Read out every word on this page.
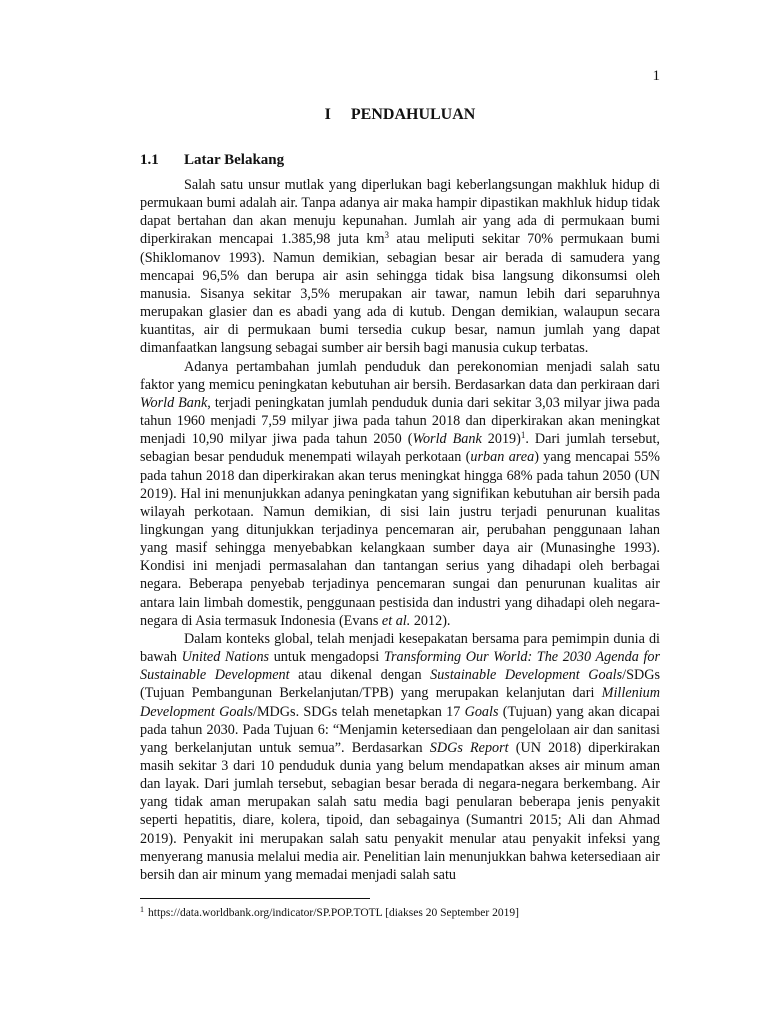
1
I PENDAHULUAN
1.1 Latar Belakang

Salah satu unsur mutlak yang diperlukan bagi keberlangsungan makhluk hidup di permukaan bumi adalah air. Tanpa adanya air maka hampir dipastikan makhluk hidup tidak dapat bertahan dan akan menuju kepunahan. Jumlah air yang ada di permukaan bumi diperkirakan mencapai 1.385,98 juta $km^3$ atau meliputi sekitar 70% permukaan bumi (Shiklomanov 1993). Namun demikian, sebagian besar air berada di samudera yang mencapai 96,5% dan berupa air asin sehingga tidak bisa langsung dikonsumsi oleh manusia. Sisanya sekitar 3,5% merupakan air tawar, namun lebih dari separuhnya merupakan glasier dan es abadi yang ada di kutub. Dengan demikian, walaupun secara kuantitas, air di permukaan bumi tersedia cukup besar, namun jumlah yang dapat dimanfaatkan langsung sebagai sumber air bersih bagi manusia cukup terbatas.

Adanya pertambahan jumlah penduduk dan perekonomian menjadi salah satu faktor yang memicu peningkatan kebutuhan air bersih. Berdasarkan data dan perkiraan dari World Bank, terjadi peningkatan jumlah penduduk dunia dari sekitar 3,03 milyar jiwa pada tahun 1960 menjadi 7,59 milyar jiwa pada tahun 2018 dan diperkirakan akan meningkat menjadi 10,90 milyar jiwa pada tahun 2050 (World Bank 2019)$^1$. Dari jumlah tersebut, sebagian besar penduduk menempati wilayah perkotaan (urban area) yang mencapai 55% pada tahun 2018 dan diperkirakan akan terus meningkat hingga 68% pada tahun 2050 (UN 2019). Hal ini menunjukkan adanya peningkatan yang signifikan kebutuhan air bersih pada wilayah perkotaan. Namun demikian, di sisi lain justru terjadi penurunan kualitas lingkungan yang ditunjukkan terjadinya pencemaran air, perubahan penggunaan lahan yang masif sehingga menyebabkan kelangkaan sumber daya air (Munasinghe 1993). Kondisi ini menjadi permasalahan dan tantangan serius yang dihadapi oleh berbagai negara. Beberapa penyebab terjadinya pencemaran sungai dan penurunan kualitas air antara lain limbah domestik, penggunaan pestisida dan industri yang dihadapi oleh negara-negara di Asia termasuk Indonesia (Evans et al. 2012).

Dalam konteks global, telah menjadi kesepakatan bersama para pemimpin dunia di bawah United Nations untuk mengadopsi Transforming Our World: The 2030 Agenda for Sustainable Development atau dikenal dengan Sustainable Development Goals/SDGs (Tujuan Pembangunan Berkelanjutan/TPB) yang merupakan kelanjutan dari Millenium Development Goals/MDGs. SDGs telah menetapkan 17 Goals (Tujuan) yang akan dicapai pada tahun 2030. Pada Tujuan 6: “Menjamin ketersediaan dan pengelolaan air dan sanitasi yang berkelanjutan untuk semua”. Berdasarkan SDGs Report (UN 2018) diperkirakan masih sekitar 3 dari 10 penduduk dunia yang belum mendapatkan akses air minum aman dan layak. Dari jumlah tersebut, sebagian besar berada di negara-negara berkembang. Air yang tidak aman merupakan salah satu media bagi penularan beberapa jenis penyakit seperti hepatitis, diare, kolera, tipoid, dan sebagainya (Sumantri 2015; Ali dan Ahmad 2019). Penyakit ini merupakan salah satu penyakit menular atau penyakit infeksi yang menyerang manusia melalui media air. Penelitian lain menunjukkan bahwa ketersediaan air bersih dan air minum yang memadai menjadi salah satu

$^1$ https://data.worldbank.org/indicator/SP.POP.TOTL [diakses 20 September 2019]
